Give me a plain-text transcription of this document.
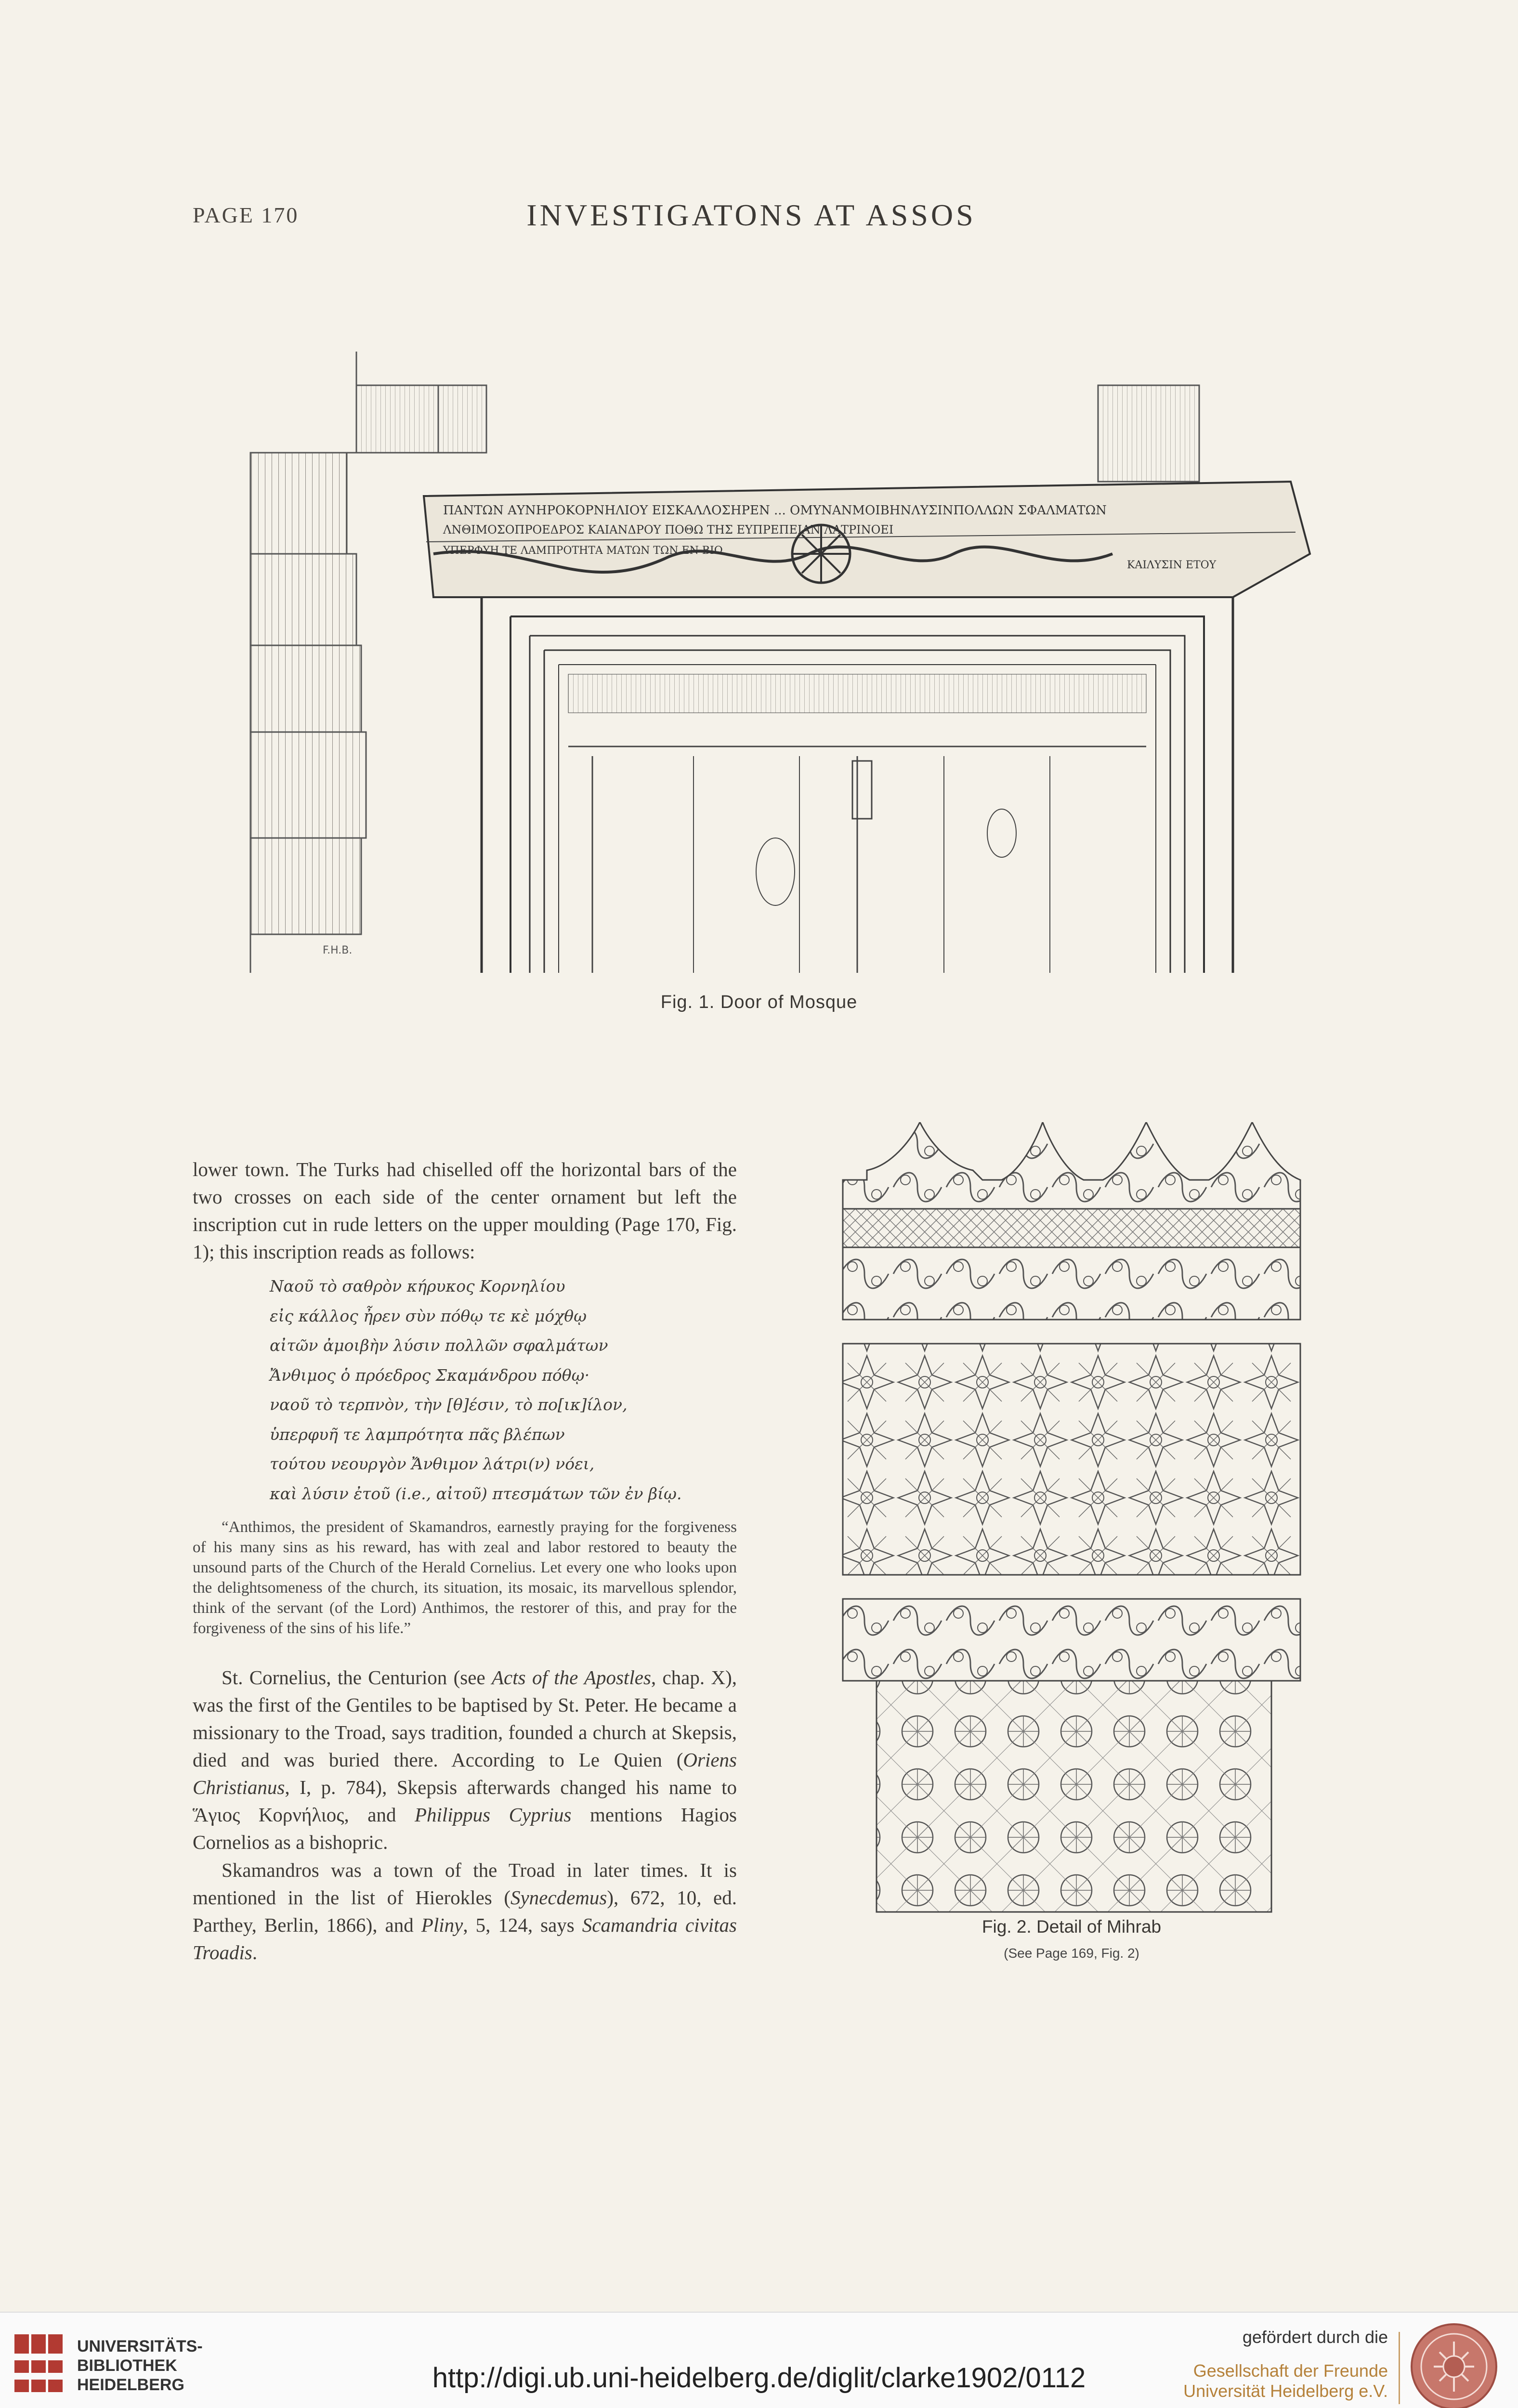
PAGE 170	INVESTIGATONS AT ASSOS
ΠΑΝΤΩΝ ΑΥΝΗΡΟΚΟΡΝΗΛΙΟΥ ΕΙΣΚΑΛΛΟΣΗΡΕΝ ... ΟΜΥΝΑΝΜΟΙΒΗΝΛΥΣΙΝΠΟΛΛΩΝ ΣΦΑΛΜΑΤΩΝ
ΛΝΘΙΜΟΣΟΠΡΟΕΔΡΟΣ ΚΑΙΑΝΔΡΟΥ ΠΟΘΩ ΤΗΣ ΕΥΠΡΕΠΕΙΑΝ ΛΑΤΡΙΝΟΕΙ
ΥΠΕΡΦΥΗ ΤΕ ΛΑΜΠΡΟΤΗΤΑ ΜΑΤΩΝ ΤΩΝ ΕΝ ΒΙΩ
ΚΑΙΛΥΣΙΝ ΕΤΟΥ
F.H.B.
Fig. 1. Door of Mosque

lower town. The Turks had chiselled off the horizontal bars of the two crosses on each side of the center ornament but left the inscription cut in rude letters on the upper moulding (Page 170, Fig. 1); this inscription reads as follows:

Ναοῦ τὸ σαθρὸν κήρυκος Κορνηλίου
εἰς κάλλος ἦρεν σὺν πόθῳ τε κὲ μόχθῳ
αἰτῶν ἀμοιβὴν λύσιν πολλῶν σφαλμάτων
Ἄνθιμος ὁ πρόεδρος Σκαμάνδρου πόθῳ·
ναοῦ τὸ τερπνὸν, τὴν [θ]έσιν, τὸ πο[ικ]ίλον,
ὑπερφυῆ τε λαμπρότητα πᾶς βλέπων
τούτου νεουργὸν Ἄνθιμον λάτρι(ν) νόει,
καὶ λύσιν ἐτοῦ (i.e., αἰτοῦ) πτεσμάτων τῶν ἐν βίῳ.
“Anthimos, the president of Skamandros, earnestly praying for the forgiveness of his many sins as his reward, has with zeal and labor restored to beauty the unsound parts of the Church of the Herald Cornelius. Let every one who looks upon the delightsomeness of the church, its situation, its mosaic, its marvellous splendor, think of the servant (of the Lord) Anthimos, the restorer of this, and pray for the forgiveness of the sins of his life.”

St. Cornelius, the Centurion (see Acts of the Apostles, chap. X), was the first of the Gentiles to be baptised by St. Peter. He became a missionary to the Troad, says tradition, founded a church at Skepsis, died and was buried there. According to Le Quien (Oriens Christianus, I, p. 784), Skepsis afterwards changed his name to Ἅγιος Κορνήλιος, and Philippus Cyprius mentions Hagios Cornelios as a bishopric.

Skamandros was a town of the Troad in later times. It is mentioned in the list of Hierokles (Synecdemus), 672, 10, ed. Parthey, Berlin, 1866), and Pliny, 5, 124, says Scamandria civitas Troadis.

Fig. 2. Detail of Mihrab
(See Page 169, Fig. 2)
UNIVERSITÄTS-
BIBLIOTHEK
HEIDELBERG	http://digi.ub.uni-heidelberg.de/diglit/clarke1902/0112
gefördert durch die
Gesellschaft der Freunde
Universität Heidelberg e.V.
